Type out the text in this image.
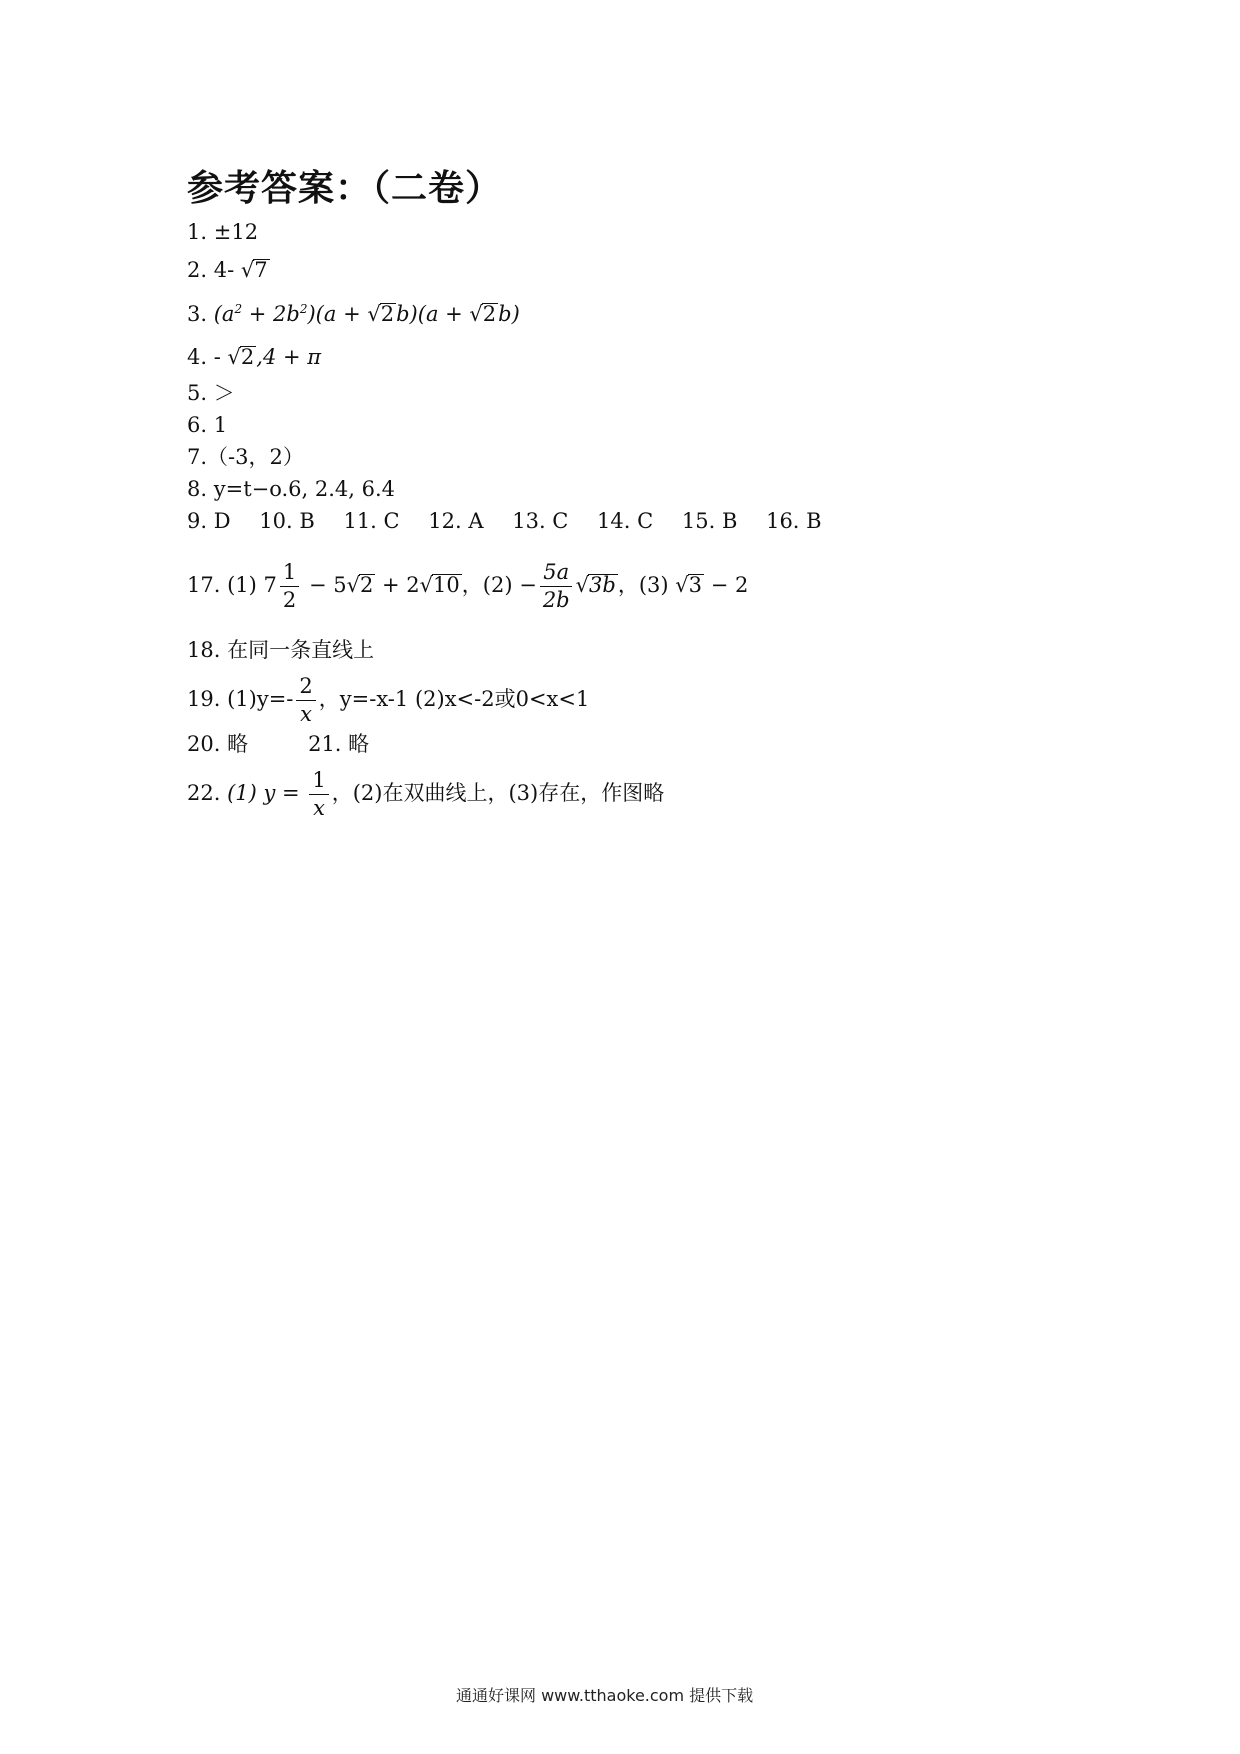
参考答案：（二卷）
1. ±12
2. 4- √7
3. $(a^2 + 2b^2)(a + √2b)(a + √2b)$
4. - √2,4 + π
5. ＞
6. 1
7.（-3，2）
8. y=t−o.6, 2.4, 6.4
9. D 10. B 11. C 12. A 13. C 14. C 15. B 16. B
17. (1) $7 \frac{1}{2} - 5√2 + 2√10$，$(2) - \frac{5a}{2b} √3b$，(3) √3 − 2
18. 在同一条直线上
19. $(1)y=- \frac{2}{x}$ ，y=-x-1 (2)x<-2或0<x<1
20. 略	21. 略
22. (1) $y = \frac{1}{x}$ ，(2)在双曲线上，(3)存在，作图略
通通好课网 www.tthaoke.com 提供下载
